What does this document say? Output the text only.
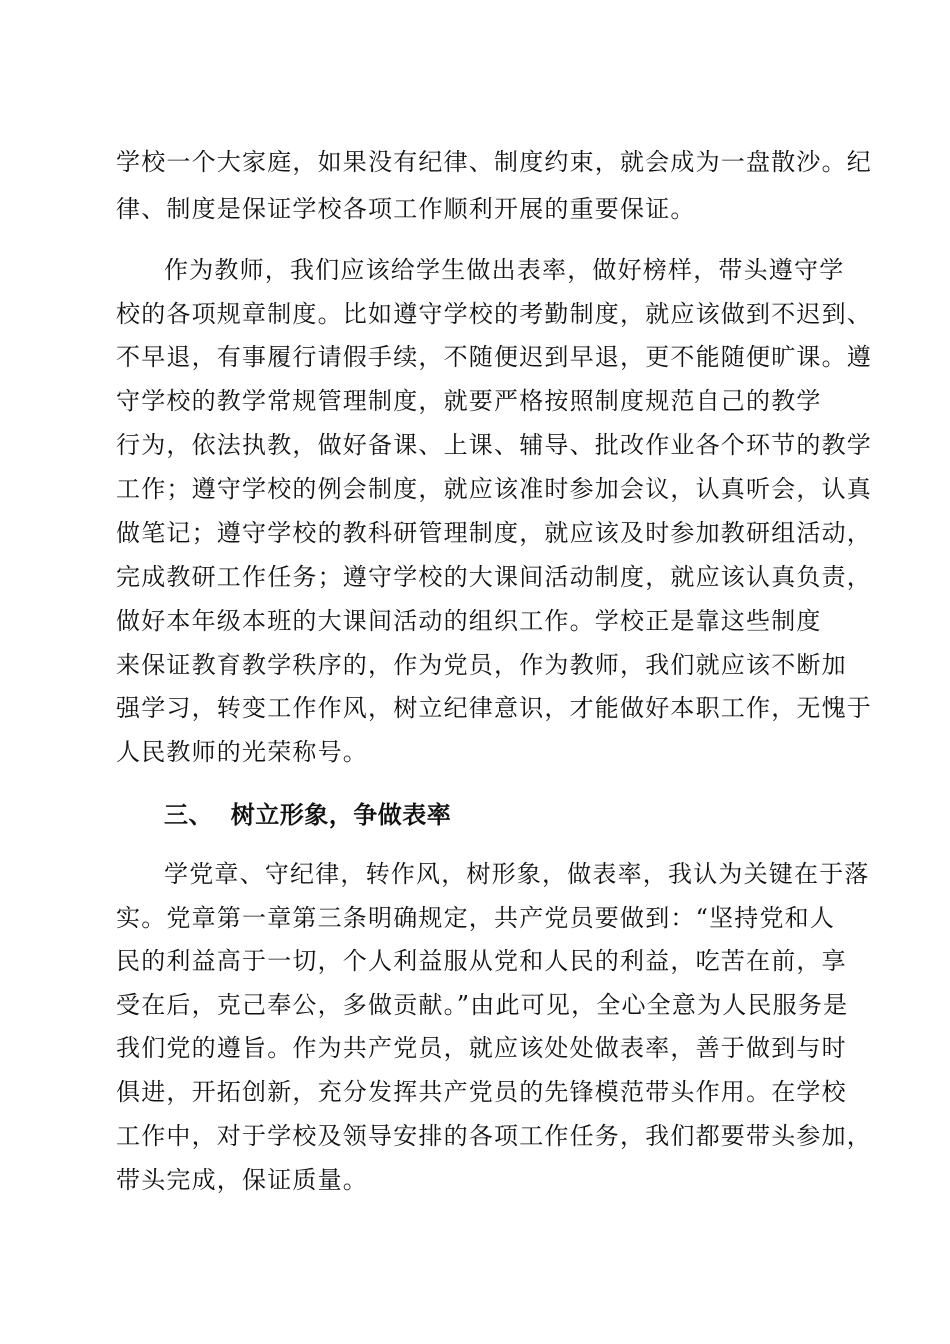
学校一个大家庭，如果没有纪律、制度约束，就会成为一盘散沙。纪
律、制度是保证学校各项工作顺利开展的重要保证。
作为教师，我们应该给学生做出表率，做好榜样，带头遵守学
校的各项规章制度。比如遵守学校的考勤制度，就应该做到不迟到、
不早退，有事履行请假手续，不随便迟到早退，更不能随便旷课。遵
守学校的教学常规管理制度，就要严格按照制度规范自己的教学
行为，依法执教，做好备课、上课、辅导、批改作业各个环节的教学
工作；遵守学校的例会制度，就应该准时参加会议，认真听会，认真
做笔记；遵守学校的教科研管理制度，就应该及时参加教研组活动，
完成教研工作任务；遵守学校的大课间活动制度，就应该认真负责，
做好本年级本班的大课间活动的组织工作。学校正是靠这些制度
来保证教育教学秩序的，作为党员，作为教师，我们就应该不断加
强学习，转变工作作风，树立纪律意识，才能做好本职工作，无愧于
人民教师的光荣称号。
三、  树立形象，争做表率
学党章、守纪律，转作风，树形象，做表率，我认为关键在于落
实。党章第一章第三条明确规定，共产党员要做到：“坚持党和人
民的利益高于一切，个人利益服从党和人民的利益，吃苦在前，享
受在后，克己奉公，多做贡献。”由此可见，全心全意为人民服务是
我们党的遵旨。作为共产党员，就应该处处做表率，善于做到与时
俱进，开拓创新，充分发挥共产党员的先锋模范带头作用。在学校
工作中，对于学校及领导安排的各项工作任务，我们都要带头参加，
带头完成，保证质量。
